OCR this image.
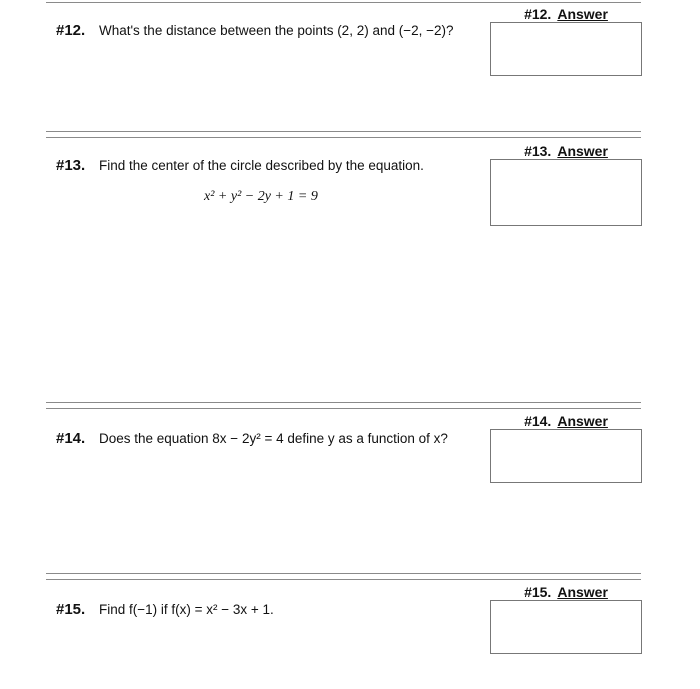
#12. Answer
#12. What's the distance between the points (2, 2) and (−2, −2)?
#13. Answer
#13. Find the center of the circle described by the equation.
x² + y² − 2y + 1 = 9
#14. Answer
#14. Does the equation 8x − 2y² = 4 define y as a function of x?
#15. Answer
#15. Find f(−1) if f(x) = x² − 3x + 1.
